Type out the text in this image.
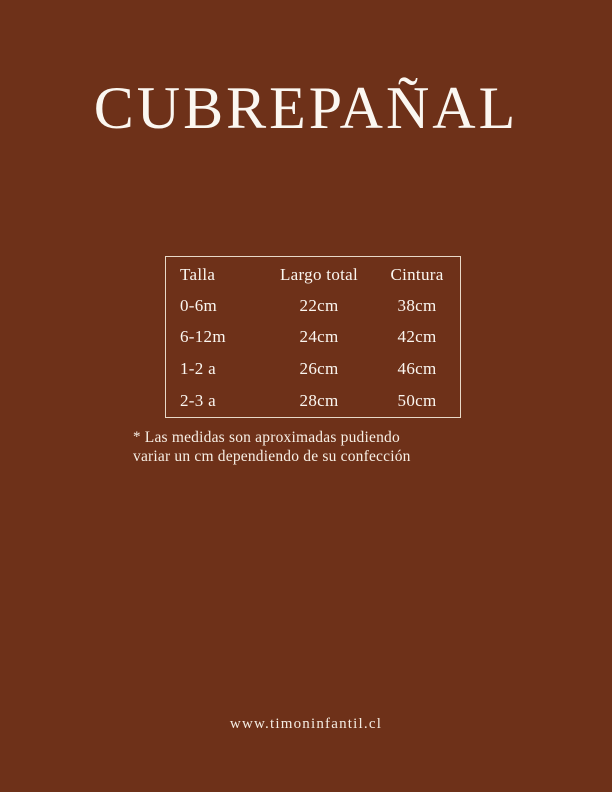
CUBREPAÑAL
Talla	Largo total	Cintura
0-6m	22cm	38cm
6-12m	24cm	42cm
1-2 a	26cm	46cm
2-3 a	28cm	50cm
* Las medidas son aproximadas pudiendo
variar un cm dependiendo de su confección
www.timoninfantil.cl
